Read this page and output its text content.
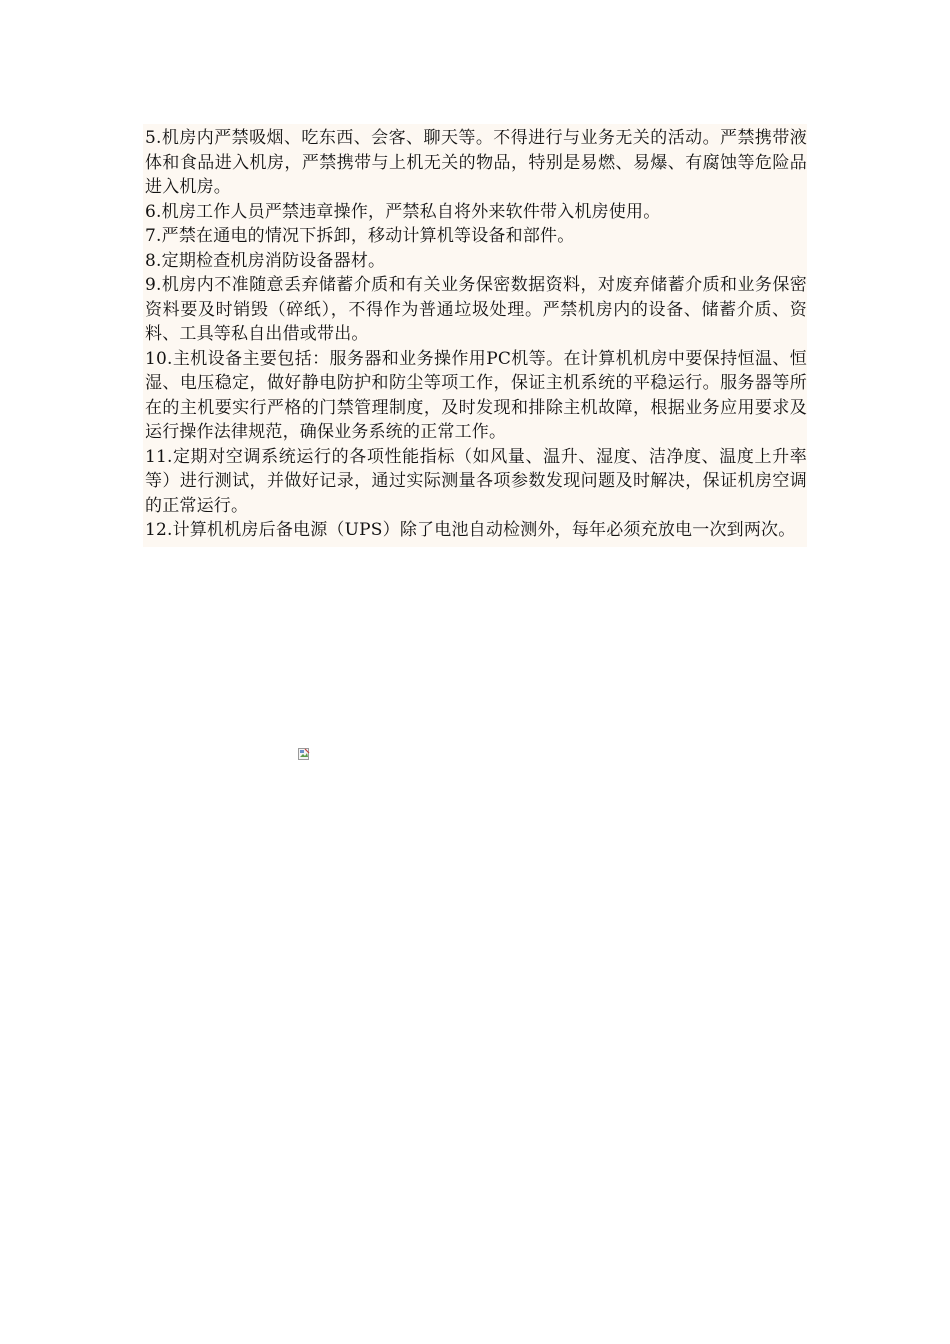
5.机房内严禁吸烟、吃东西、会客、聊天等。不得进行与业务无关的活动。严禁携带液体和食品进入机房，严禁携带与上机无关的物品，特别是易燃、易爆、有腐蚀等危险品进入机房。

6.机房工作人员严禁违章操作，严禁私自将外来软件带入机房使用。

7.严禁在通电的情况下拆卸，移动计算机等设备和部件。

8.定期检查机房消防设备器材。

9.机房内不准随意丢弃储蓄介质和有关业务保密数据资料，对废弃储蓄介质和业务保密资料要及时销毁（碎纸），不得作为普通垃圾处理。严禁机房内的设备、储蓄介质、资料、工具等私自出借或带出。

10.主机设备主要包括：服务器和业务操作用PC机等。在计算机机房中要保持恒温、恒湿、电压稳定，做好静电防护和防尘等项工作，保证主机系统的平稳运行。服务器等所在的主机要实行严格的门禁管理制度，及时发现和排除主机故障，根据业务应用要求及运行操作法律规范，确保业务系统的正常工作。

11.定期对空调系统运行的各项性能指标（如风量、温升、湿度、洁净度、温度上升率等）进行测试，并做好记录，通过实际测量各项参数发现问题及时解决，保证机房空调的正常运行。

12.计算机机房后备电源（UPS）除了电池自动检测外，每年必须充放电一次到两次。
